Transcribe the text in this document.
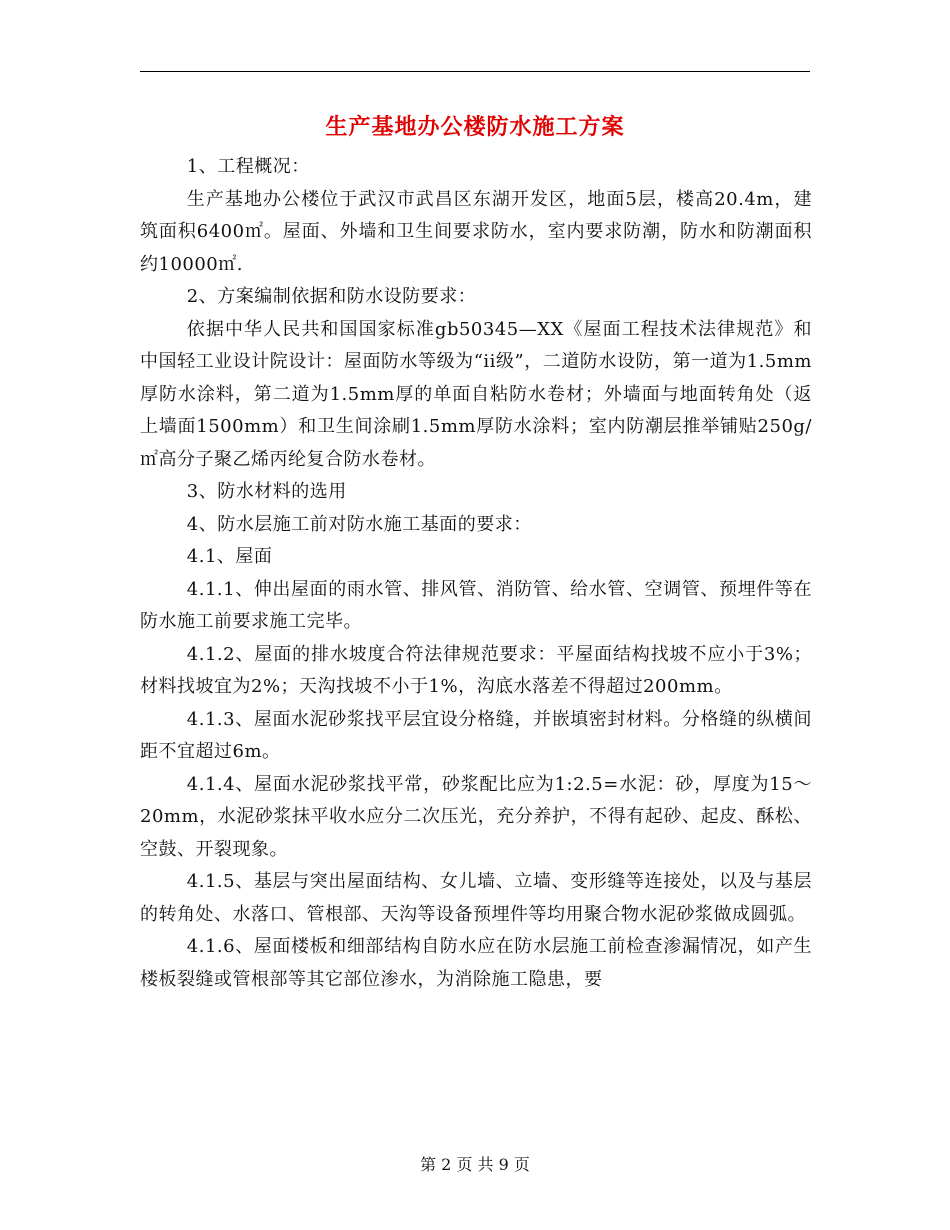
生产基地办公楼防水施工方案

1、工程概况：

生产基地办公楼位于武汉市武昌区东湖开发区，地面5层，楼高20.4m，建筑面积6400㎡。屋面、外墙和卫生间要求防水，室内要求防潮，防水和防潮面积约10000㎡.

2、方案编制依据和防水设防要求：

依据中华人民共和国国家标准gb50345—XX《屋面工程技术法律规范》和中国轻工业设计院设计：屋面防水等级为“ii级”，二道防水设防，第一道为1.5mm厚防水涂料，第二道为1.5mm厚的单面自粘防水卷材；外墙面与地面转角处（返上墙面1500mm）和卫生间涂刷1.5mm厚防水涂料；室内防潮层推举铺贴250g/㎡高分子聚乙烯丙纶复合防水卷材。

3、防水材料的选用

4、防水层施工前对防水施工基面的要求：

4.1、屋面

4.1.1、伸出屋面的雨水管、排风管、消防管、给水管、空调管、预埋件等在防水施工前要求施工完毕。

4.1.2、屋面的排水坡度合符法律规范要求：平屋面结构找坡不应小于3%；材料找坡宜为2%；天沟找坡不小于1%，沟底水落差不得超过200mm。

4.1.3、屋面水泥砂浆找平层宜设分格缝，并嵌填密封材料。分格缝的纵横间距不宜超过6m。

4.1.4、屋面水泥砂浆找平常，砂浆配比应为1:2.5=水泥：砂，厚度为15～20mm，水泥砂浆抹平收水应分二次压光，充分养护，不得有起砂、起皮、酥松、空鼓、开裂现象。

4.1.5、基层与突出屋面结构、女儿墙、立墙、变形缝等连接处，以及与基层的转角处、水落口、管根部、天沟等设备预埋件等均用聚合物水泥砂浆做成圆弧。

4.1.6、屋面楼板和细部结构自防水应在防水层施工前检查渗漏情况，如产生楼板裂缝或管根部等其它部位渗水，为消除施工隐患，要

第 2 页 共 9 页
